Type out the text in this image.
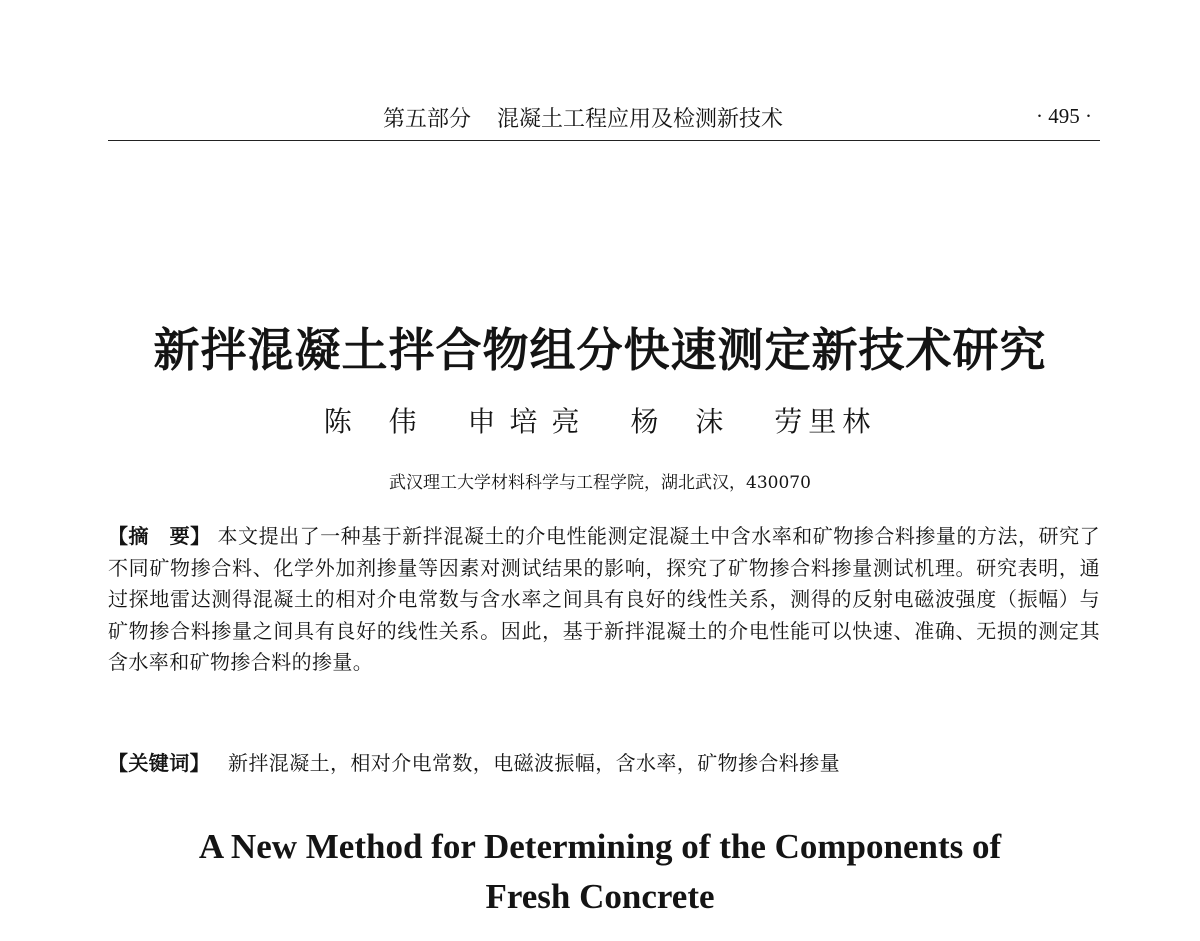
第五部分 混凝土工程应用及检测新技术	· 495 ·
新拌混凝土拌合物组分快速测定新技术研究
陈 伟 申培亮 杨 沫 劳里林
武汉理工大学材料科学与工程学院，湖北武汉，430070
【摘　要】 本文提出了一种基于新拌混凝土的介电性能测定混凝土中含水率和矿物掺合料掺量的方法，研究了不同矿物掺合料、化学外加剂掺量等因素对测试结果的影响，探究了矿物掺合料掺量测试机理。研究表明，通过探地雷达测得混凝土的相对介电常数与含水率之间具有良好的线性关系，测得的反射电磁波强度（振幅）与矿物掺合料掺量之间具有良好的线性关系。因此，基于新拌混凝土的介电性能可以快速、准确、无损的测定其含水率和矿物掺合料的掺量。
【关键词】 新拌混凝土，相对介电常数，电磁波振幅，含水率，矿物掺合料掺量
A New Method for Determining of the Components of
Fresh Concrete
